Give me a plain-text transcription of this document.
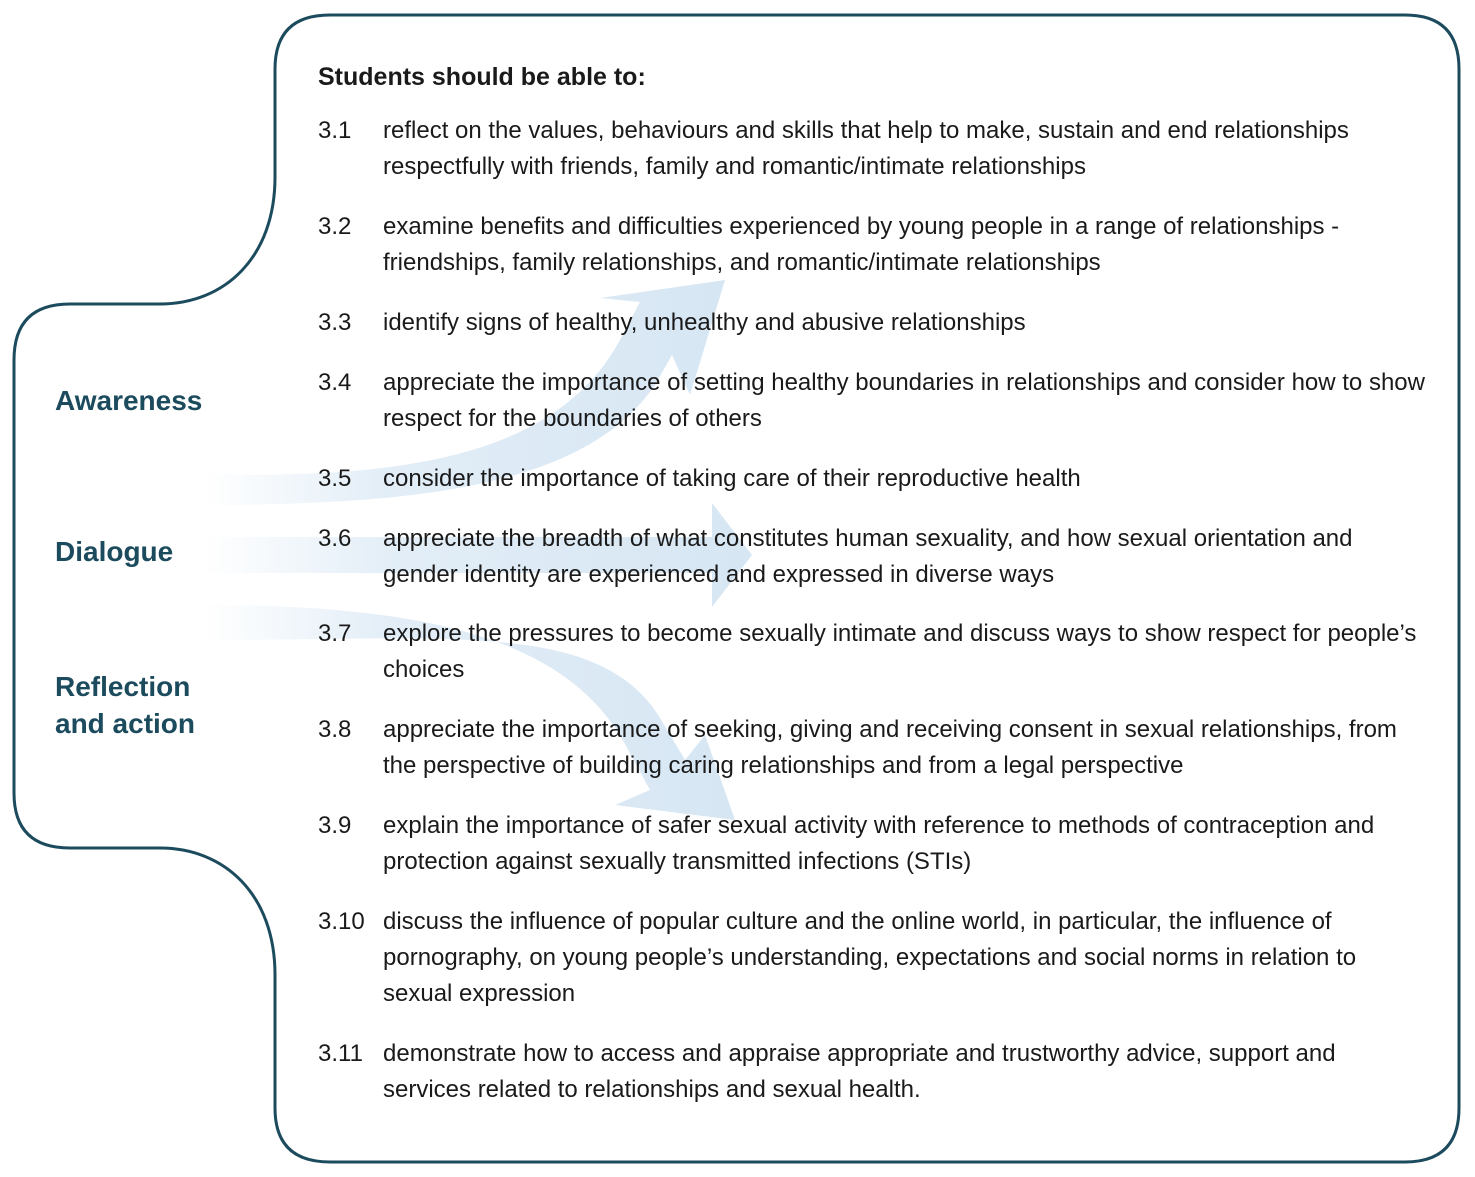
Awareness
Dialogue
Reflection
and action
Students should be able to:
3.1	reflect on the values, behaviours and skills that help to make, sustain and end relationships respectfully with friends, family and romantic/intimate relationships
3.2	examine benefits and difficulties experienced by young people in a range of relationships - friendships, family relationships, and romantic/intimate relationships
3.3	identify signs of healthy, unhealthy and abusive relationships
3.4	appreciate the importance of setting healthy boundaries in relationships and consider how to show respect for the boundaries of others
3.5	consider the importance of taking care of their reproductive health
3.6	appreciate the breadth of what constitutes human sexuality, and how sexual orientation and gender identity are experienced and expressed in diverse ways
3.7	explore the pressures to become sexually intimate and discuss ways to show respect for people’s choices
3.8	appreciate the importance of seeking, giving and receiving consent in sexual relationships, from the perspective of building caring relationships and from a legal perspective
3.9	explain the importance of safer sexual activity with reference to methods of contraception and protection against sexually transmitted infections (STIs)
3.10 discuss the influence of popular culture and the online world, in particular, the influence of pornography, on young people’s understanding, expectations and social norms in relation to sexual expression
3.11 demonstrate how to access and appraise appropriate and trustworthy advice, support and services related to relationships and sexual health.
